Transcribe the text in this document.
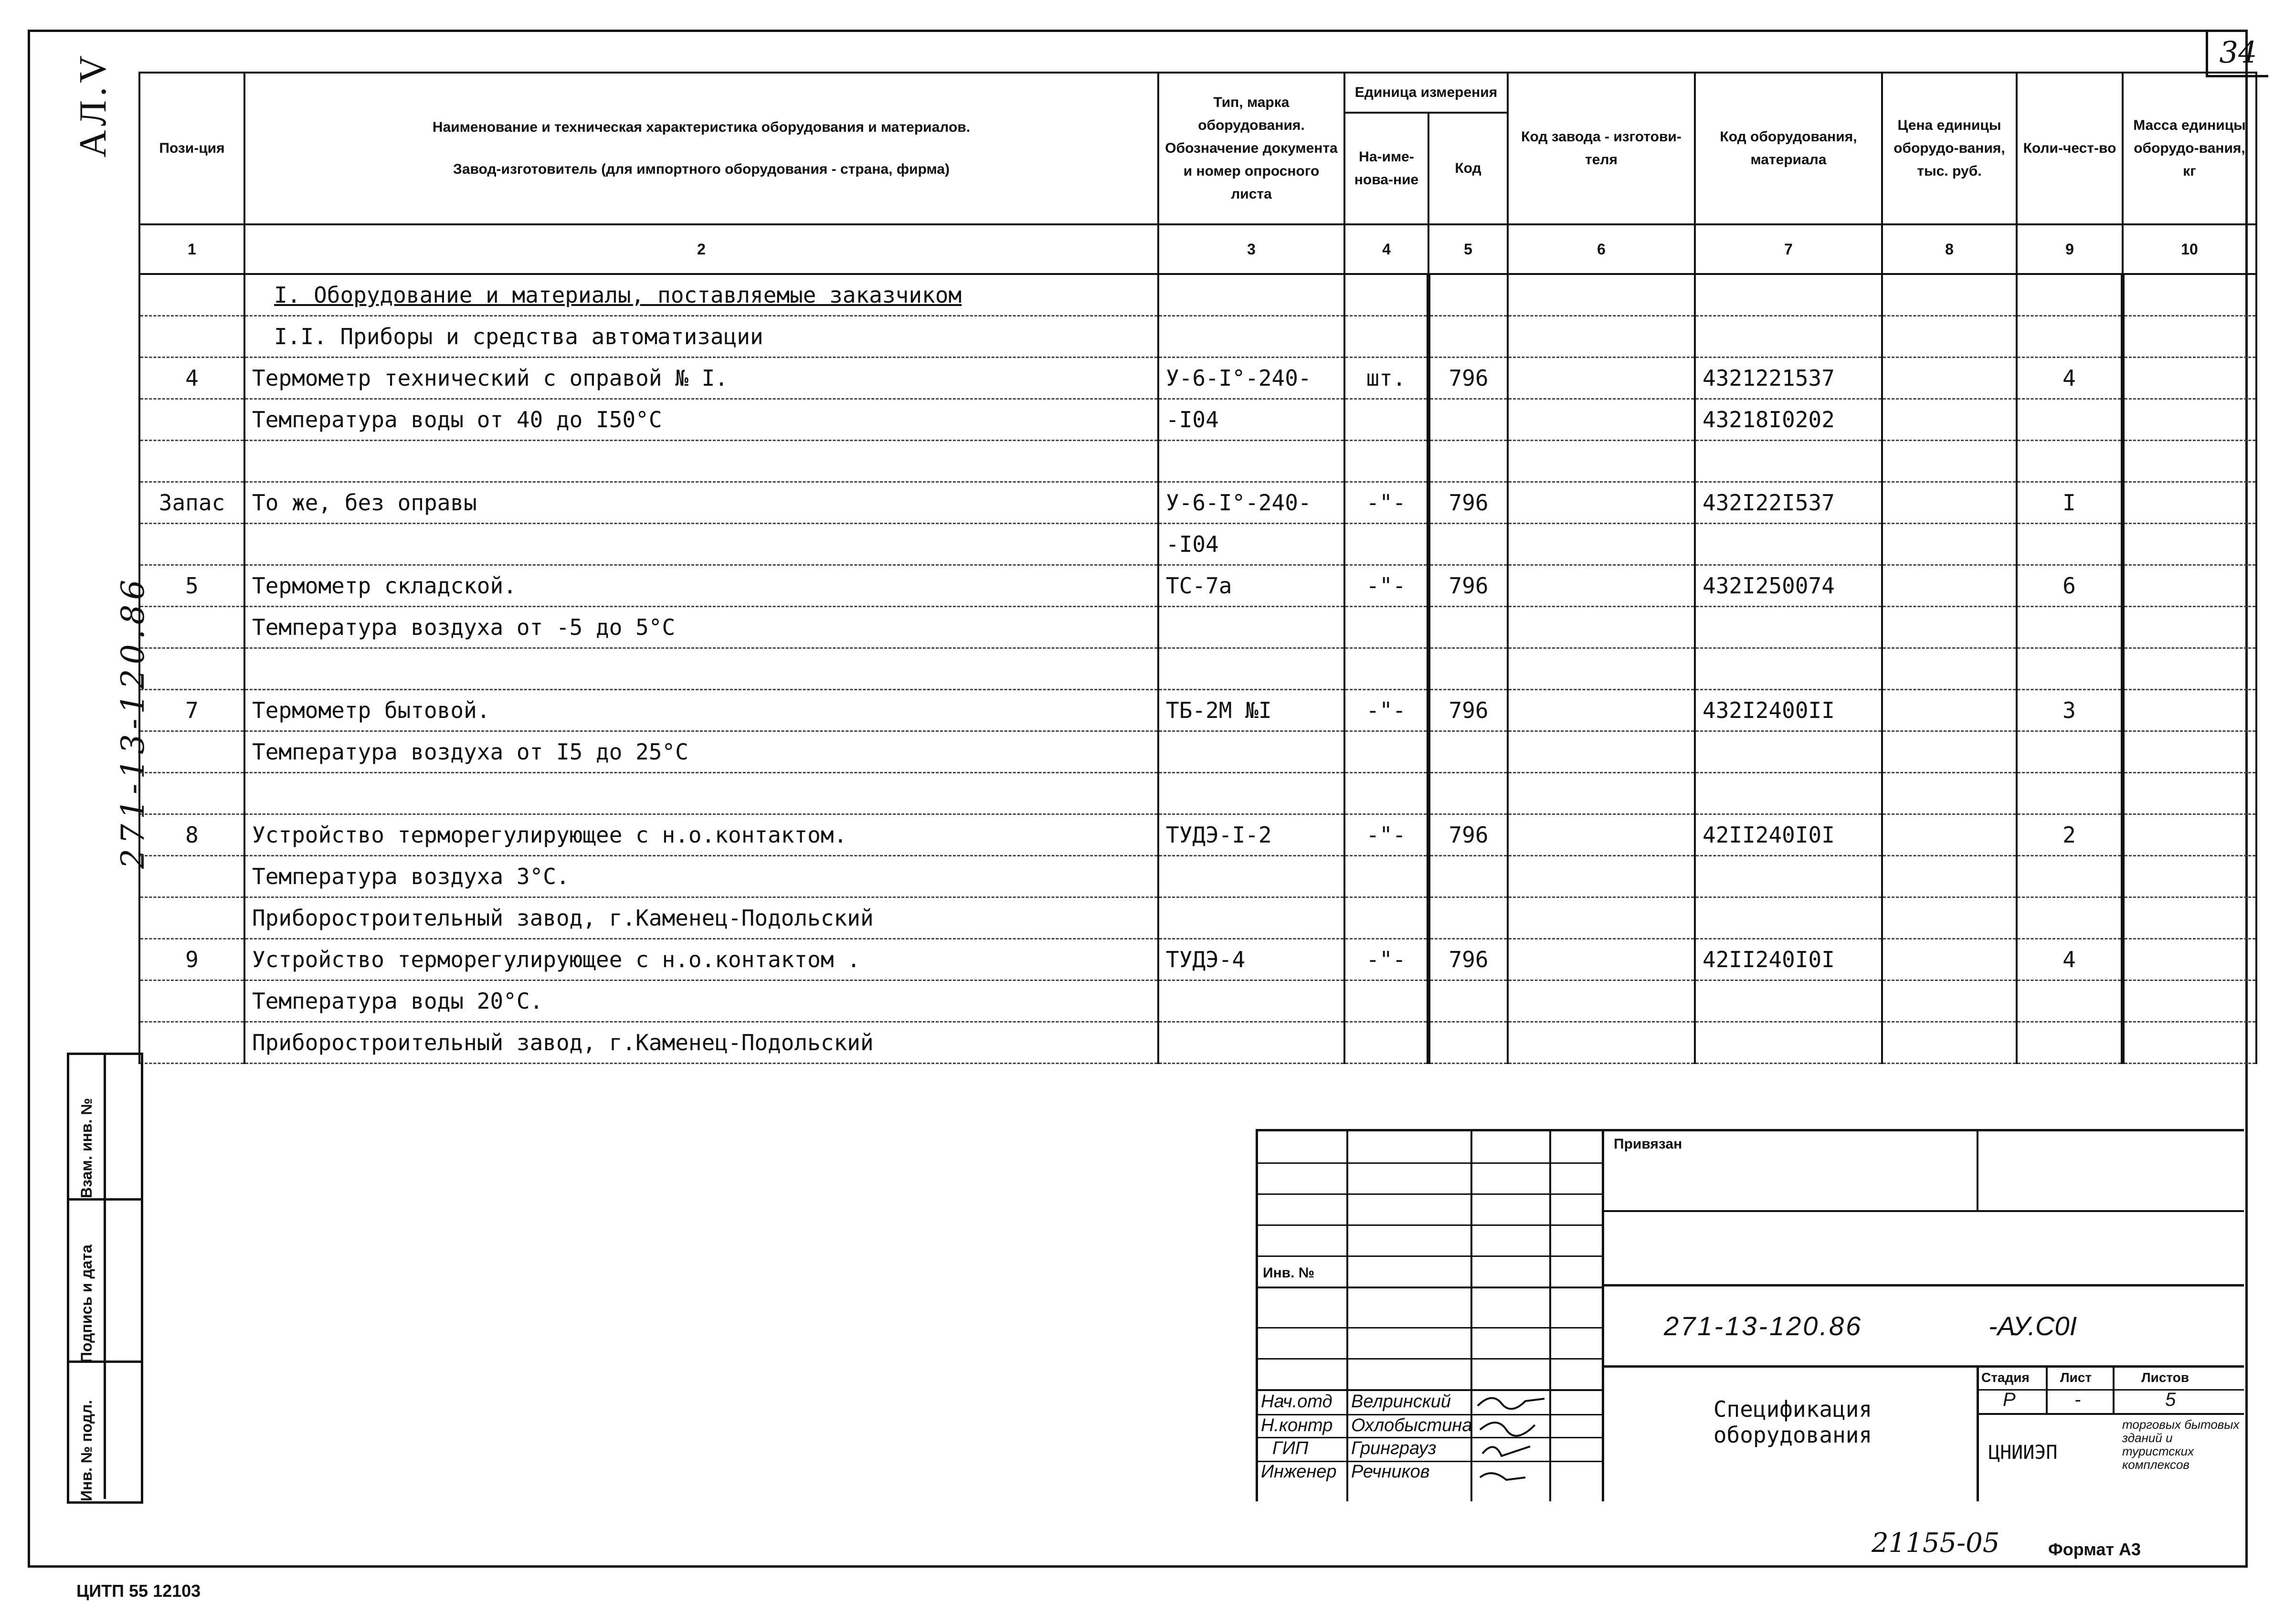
34
АЛ.V
271-13-120.86
Пози-ция	Наименование и техническая характеристика оборудования и материалов.
Завод-изготовитель (для импортного оборудования - страна, фирма)	Тип, марка оборудования. Обозначение документа и номер опросного листа	Единица измерения		Код завода - изготови-теля	Код оборудования, материала	Цена единицы оборудо-вания, тыс. руб.	Коли-чест-во	Масса единицы оборудо-вания, кг
			На-име-нова-ние	Код					
1	2	3	4	5	6	7	8	9	10
	I. Оборудование и материалы, поставляемые заказчиком								
	I.I. Приборы и средства автоматизации								
4	Термометр технический с оправой № I.	У-6-I°-240-	шт.	796		4321221537		4	
	Температура воды от 40 до I50°C	-I04				43218I0202			

Запас	То же, без оправы	У-6-I°-240-	-"-	796		432I22I537		I	
		-I04							
5	Термометр складской.	ТС-7а	-"-	796		432I250074		6	
	Температура воздуха от -5 до 5°C								

7	Термометр бытовой.	ТБ-2М №I	-"-	796		432I2400II		3	
	Температура воздуха от I5 до 25°C								

8	Устройство терморегулирующее с н.о.контактом.	ТУДЭ-I-2	-"-	796		42II240I0I		2	
	Температура воздуха 3°C.								
	Приборостроительный завод, г.Каменец-Подольский								
9	Устройство терморегулирующее с н.о.контактом .	ТУДЭ-4	-"-	796		42II240I0I		4	
	Температура воды 20°C.								
	Приборостроительный завод, г.Каменец-Подольский								
Взам. инв. №
Подпись и дата
Инв. № подл.
Привязан
Инв. №
271-13-120.86	-АУ.С0I
Спецификация оборудования
Стадия Лист	Листов
Р	-	5
ЦНИИЭП
торговых бытовых зданий и туристских комплексов
Нач.отд Велринский
Н.контр Охлобыстина
ГИП Гринграуз
Инженер Речников
ЦИТП 55 12103
21155-05	Формат А3
